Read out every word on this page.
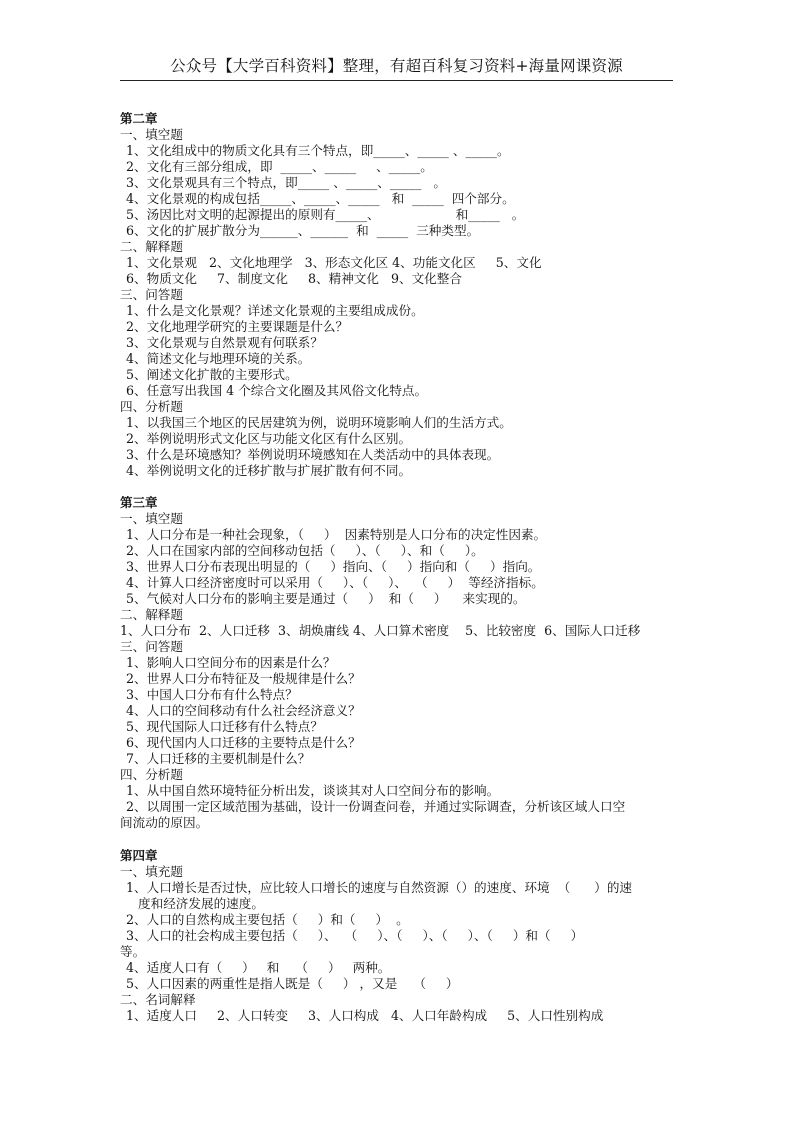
公众号【大学百科资料】整理，有超百科复习资料+海量网课资源
第二章
一、填空题
1、文化组成中的物质文化具有三个特点，即_____、_____ 、_____。
2、文化有三部分组成，即  _____、_____     、_____。
3、文化景观具有三个特点，即_____ 、_____、_____   。
4、文化景观的构成包括_____、_____、_____   和  _____  四个部分。
5、汤因比对文明的起源提出的原则有_____、                   和_____   。
6、文化的扩展扩散分为______、______  和  _____  三种类型。
二、解释题
1、文化景观   2、文化地理学   3、形态文化区 4、功能文化区     5、文化
6、物质文化     7、制度文化     8、精神文化   9、文化整合
三、问答题
1、什么是文化景观？详述文化景观的主要组成成份。
2、文化地理学研究的主要课题是什么？
3、文化景观与自然景观有何联系？
4、简述文化与地理环境的关系。
5、阐述文化扩散的主要形式。
6、任意写出我国 4 个综合文化圈及其风俗文化特点。
四、分析题
1、以我国三个地区的民居建筑为例，说明环境影响人们的生活方式。
2、举例说明形式文化区与功能文化区有什么区别。
3、什么是环境感知？举例说明环境感知在人类活动中的具体表现。
4、举例说明文化的迁移扩散与扩展扩散有何不同。
第三章
一、填空题
1、人口分布是一种社会现象，（     ）  因素特别是人口分布的决定性因素。
2、人口在国家内部的空间移动包括（     ）、（     ）、和（     ）。
3、世界人口分布表现出明显的（     ）指向、（     ）指向和（     ）指向。
4、计算人口经济密度时可以采用（     ）、（     ）、  （     ）  等经济指标。
5、气候对人口分布的影响主要是通过（     ）  和（     ）    来实现的。
二、解释题
1、人口分布  2、人口迁移  3、胡焕庸线 4、人口算术密度    5、比较密度  6、国际人口迁移
三、问答题
1、影响人口空间分布的因素是什么？
2、世界人口分布特征及一般规律是什么？
3、中国人口分布有什么特点？
4、人口的空间移动有什么社会经济意义？
5、现代国际人口迁移有什么特点？
6、现代国内人口迁移的主要特点是什么？
7、人口迁移的主要机制是什么？
四、分析题
1、从中国自然环境特征分析出发，谈谈其对人口空间分布的影响。
2、以周围一定区域范围为基础，设计一份调查问卷，并通过实际调查，分析该区域人口空
间流动的原因。
第四章
一、填充题
1、人口增长是否过快，应比较人口增长的速度与自然资源（）的速度、环境  （      ）的速
度和经济发展的速度。
2、人口的自然构成主要包括（     ）和（     ）  。
3、人口的社会构成主要包括（     ）、  （     ）、（     ）、（     ）、（     ）和（     ）
等。
4、适度人口有（     ）   和    （     ）   两种。
5、人口因素的两重性是指人既是（     ） ，又是    （     ）
二、名词解释
1、适度人口     2、人口转变     3、人口构成   4、人口年龄构成     5、人口性别构成
